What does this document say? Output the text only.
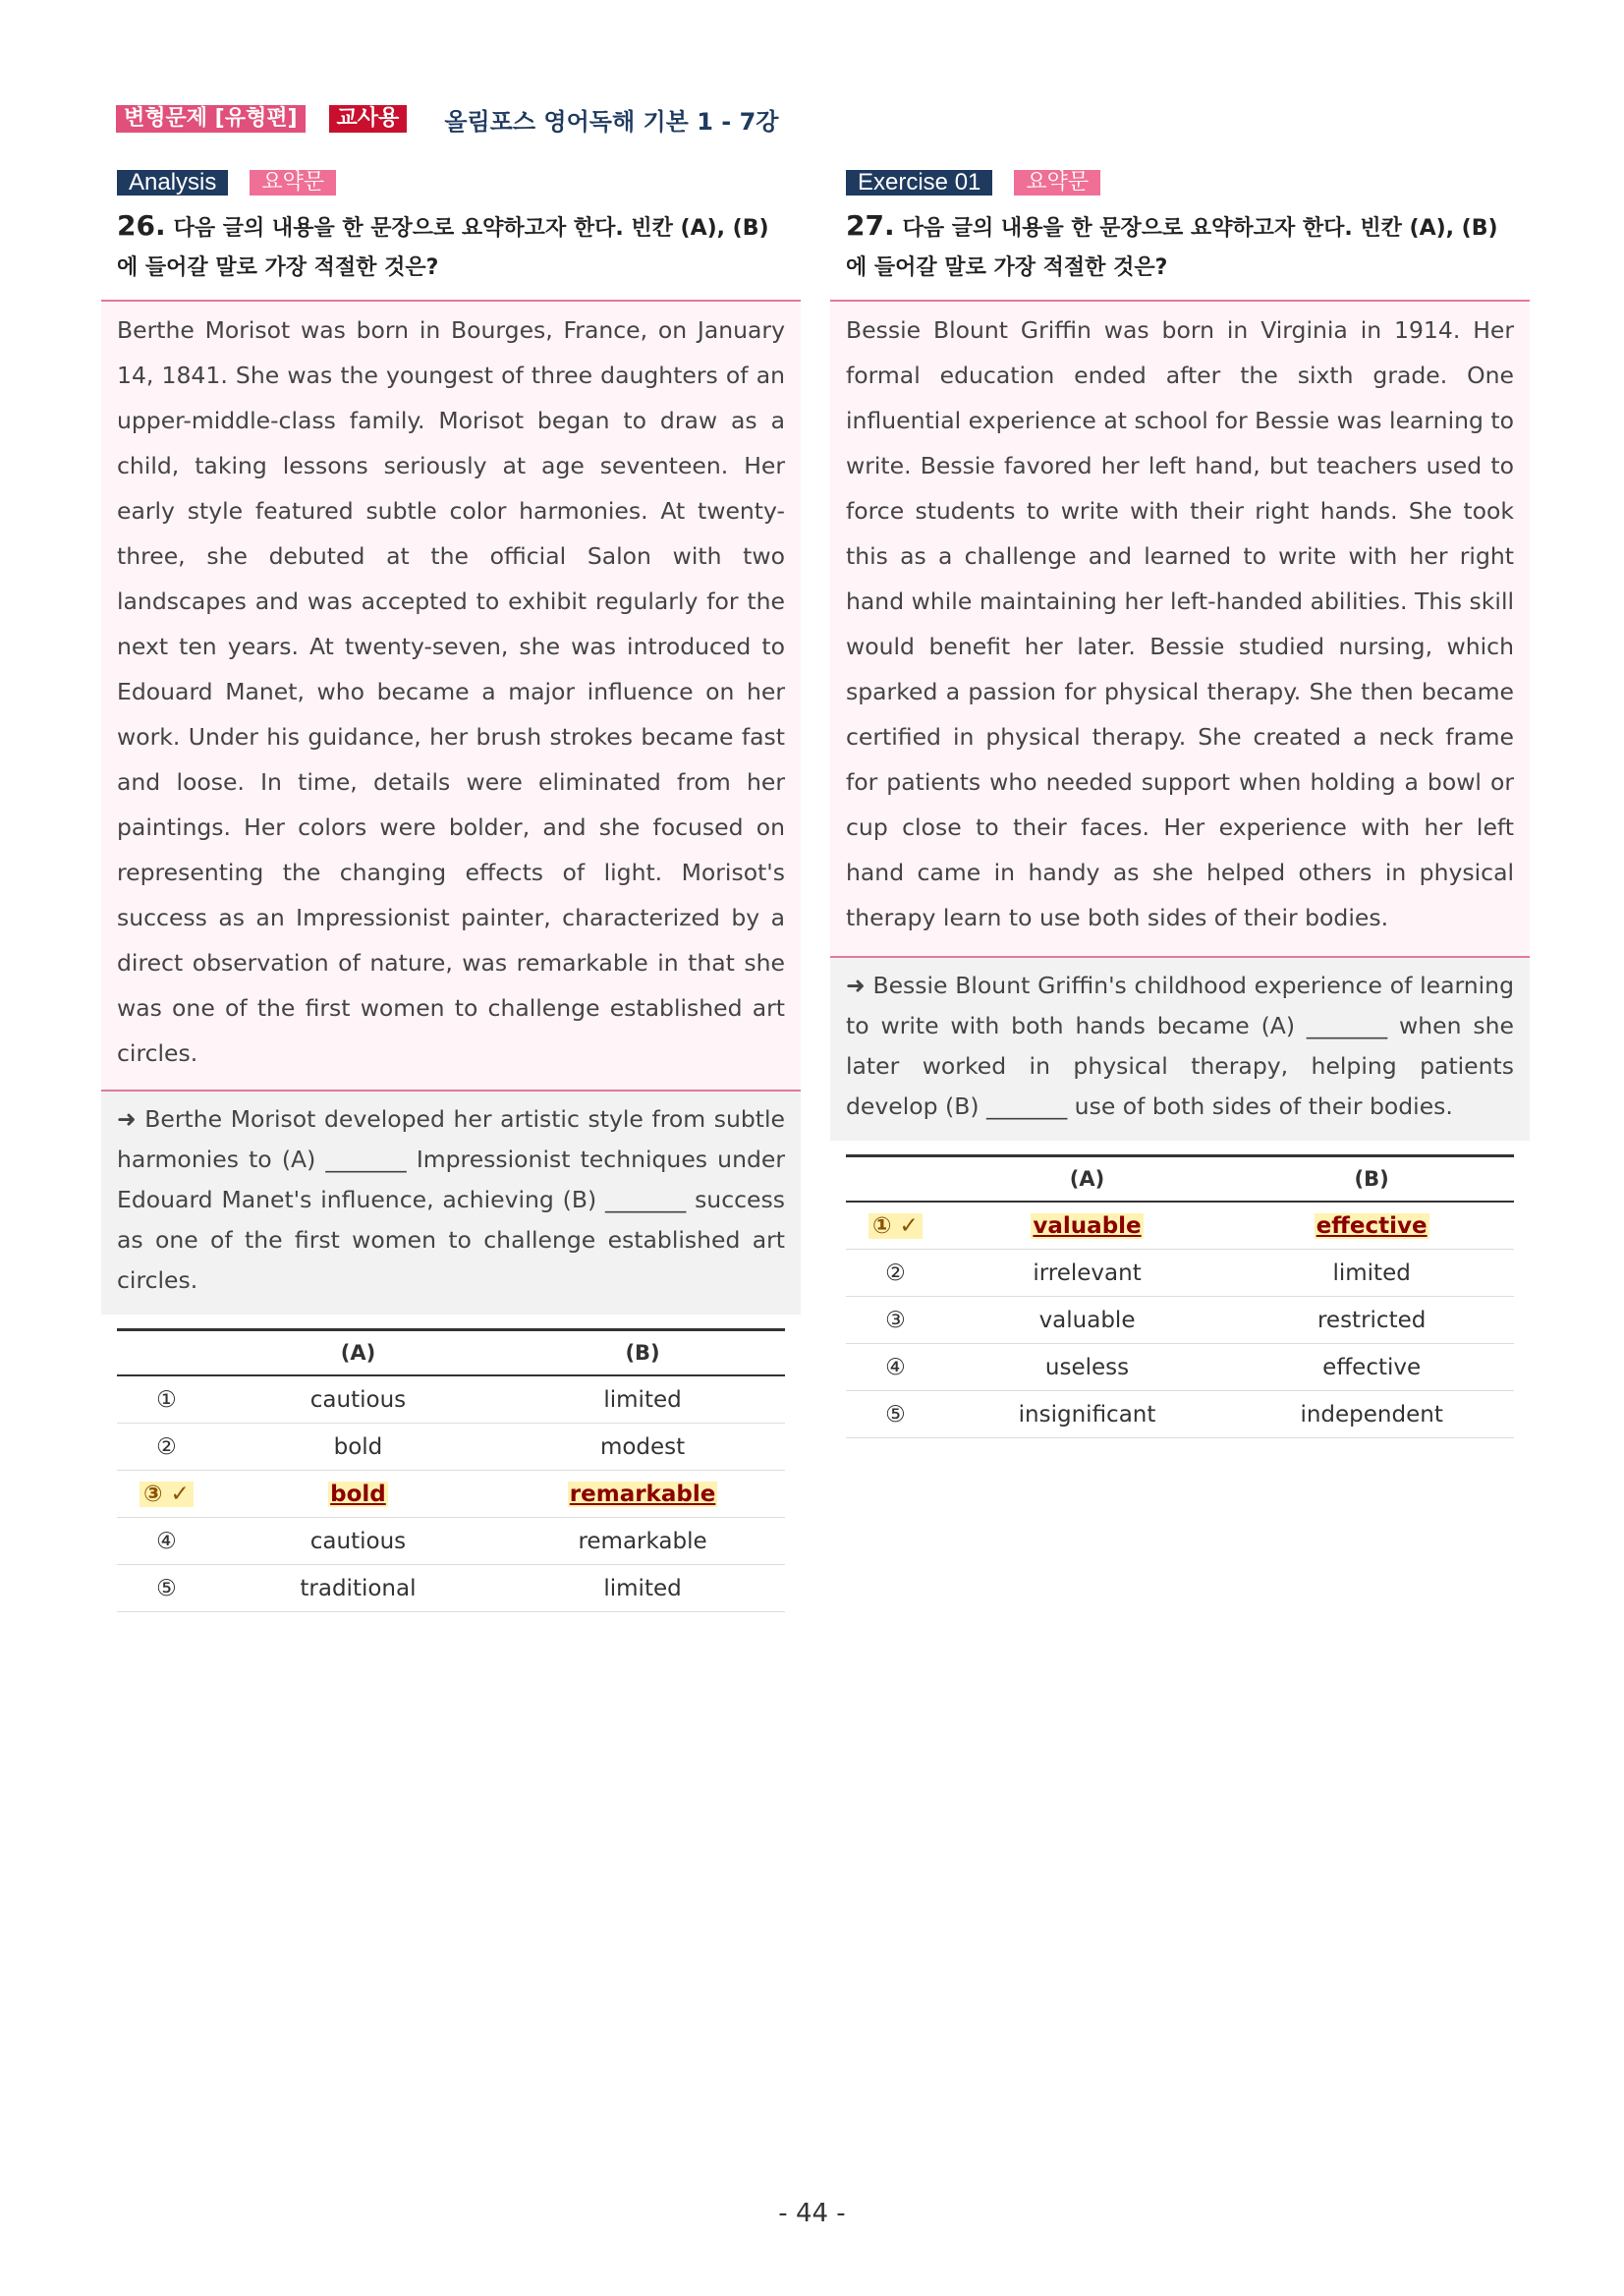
변형문제 [유형편]	교사용	올림포스 영어독해 기본 1 - 7강
Analysis	요약문
26. 다음 글의 내용을 한 문장으로 요약하고자 한다. 빈칸 (A), (B)에 들어갈 말로 가장 적절한 것은?
Berthe Morisot was born in Bourges, France, on January 14, 1841. She was the youngest of three daughters of an upper-middle-class family. Morisot began to draw as a child, taking lessons seriously at age seventeen. Her early style featured subtle color harmonies. At twenty-three, she debuted at the official Salon with two landscapes and was accepted to exhibit regularly for the next ten years. At twenty-seven, she was introduced to Edouard Manet, who became a major influence on her work. Under his guidance, her brush strokes became fast and loose. In time, details were eliminated from her paintings. Her colors were bolder, and she focused on representing the changing effects of light. Morisot's success as an Impressionist painter, characterized by a direct observation of nature, was remarkable in that she was one of the first women to challenge established art circles.
➜ Berthe Morisot developed her artistic style from subtle harmonies to (A) _______ Impressionist techniques under Edouard Manet's influence, achieving (B) _______ success as one of the first women to challenge established art circles.
	(A)	(B)
①	cautious	limited
②	bold	modest
③ ✓	bold	remarkable
④	cautious	remarkable
⑤	traditional	limited
Exercise 01	요약문
27. 다음 글의 내용을 한 문장으로 요약하고자 한다. 빈칸 (A), (B)에 들어갈 말로 가장 적절한 것은?
Bessie Blount Griffin was born in Virginia in 1914. Her formal education ended after the sixth grade. One influential experience at school for Bessie was learning to write. Bessie favored her left hand, but teachers used to force students to write with their right hands. She took this as a challenge and learned to write with her right hand while maintaining her left-handed abilities. This skill would benefit her later. Bessie studied nursing, which sparked a passion for physical therapy. She then became certified in physical therapy. She created a neck frame for patients who needed support when holding a bowl or cup close to their faces. Her experience with her left hand came in handy as she helped others in physical therapy learn to use both sides of their bodies.
➜ Bessie Blount Griffin's childhood experience of learning to write with both hands became (A) _______ when she later worked in physical therapy, helping patients develop (B) _______ use of both sides of their bodies.
	(A)	(B)
① ✓	valuable	effective
②	irrelevant	limited
③	valuable	restricted
④	useless	effective
⑤	insignificant	independent
- 44 -
